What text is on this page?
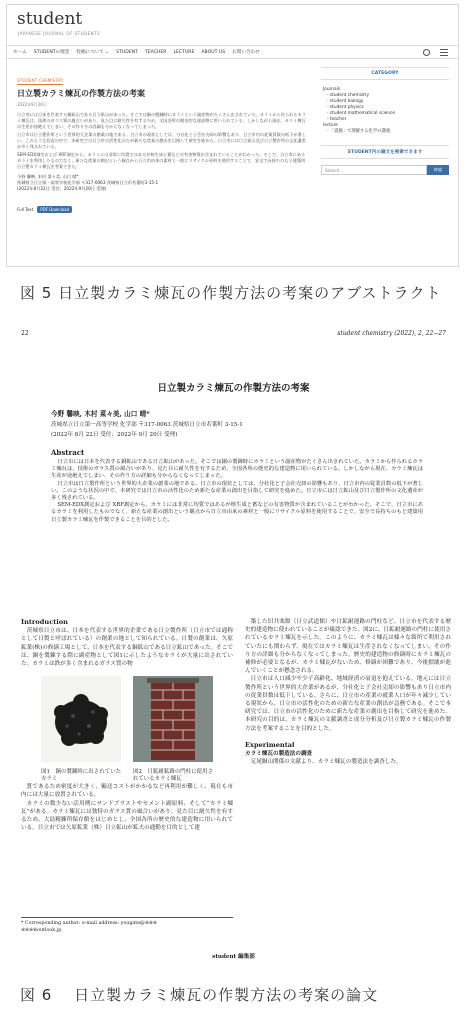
student
JAPANESE JOURNAL OF STUDENTS
ホーム STUDENTの理念 投稿について ⌄ STUDENT TEACHER LECTURE ABOUT US お問い合わせ
STUDENT CHEMISTRY
日立製カラミ煉瓦の作製方法の考案
2022年9月20日

日立市には日本を代表する銅鉱山である日立鉱山があった。そこでは銅の製錬時にカラミという副産物がたくさん出されていた。カラミから作られるカラミ煉瓦は、技術のガラス質の風合いがあり、見た目に耐久性を有するため、全国各所の歴史的な建造物に用いられている。しかしながら現在、カラミ煉瓦は生産が途絶えてしまい、その作り方の詳細も分からなくなってしまった。

日立市は日立製作所という世界的大企業の創業の地である。日立市の現状としては、分社化と子会社売却の影響もあり、日立市内の従業員数の低下が著しい。このような状況の中で、本研究では日立市の活性化のため新たな産業の創出を目指して研究を進めた。日立市には日立鉱山及び日立製作所の文化遺産が多く残されている。

SEM-EDX測定および XRF測定から、カラミには非常に均質ではあるが核生成と蓄などの有害物質が含まれていることがわかった。そこで、日立市にあるカラミを利用したものでなく、新たな産業の創出という観点から日立市由来の素材と一般にリサイクル原料を使用することで、安全で長持ちのもと建築用日立製カラミ煉瓦を考案できた。

今野 馨映, 木村 菜々美, 山口 晴*
茨城県立日立第一高等学校化学部 〒317-0063 茨城県日立市若葉町3-15-1
(2022年8月22日 受付；2022年9月20日 受理)
Full Text	PDF Download
CATEGORY
Journals
- student chemistry
- student biology
- student physics
- student mathematical science
- teacher
lecture
- 「震蝕」で理解する化学の講義
STUDENT内の論文を検索できます
Search...	検索
図 5 日立製カラミ煉瓦の作製方法の考案のアブストラクト
22	student chemistry (2022), 2, 22−27
日立製カラミ煉瓦の作製方法の考案
今野 馨映, 木村 菜々美, 山口 晴*
茨城県立日立第一高等学校 化学部 〒317-0063 茨城県日立市若葉町 3-15-1
(2022年 8月 22日 受付；2022年 9月 20日 受理)
Abstract

日立市には日本を代表する銅鉱山である日立鉱山があった。そこでは銅の製錬時にカラミという副産物がたくさん出されていた。カラミから作られるカラミ煉瓦は、技術のガラス質の風合いがあり、見た目に耐久性を有するため、全国各所の歴史的な建造物に用いられている。しかしながら現在、カラミ煉瓦は生産が途絶えてしまい、その作り方の詳細も分からなくなってしまった。

日立市は日立製作所という世界的大企業の創業の地である。日立市の現状としては、分社化と子会社売却の影響もあり、日立市内の従業員数の低下が著しい。このような状況の中で、本研究では日立市の活性化のため新たな産業の創出を目指して研究を進めた。日立市には日立鉱山及び日立製作所の文化遺産が多く残されている。

SEM-EDX測定および XRF測定から、カラミには非常に均質ではあるが核生成と蓄などの有害物質が含まれていることがわかった。そこで、日立市にあるカラミを利用したものでなく、新たな産業の創出という観点から日立市由来の素材と一般にリサイクル原料を使用することで、安全で長持ちのもと建築用日立製カラミ煉瓦を作製できることを目的とした。

Introduction

茨城県日立市は、日本を代表する世界的企業である日立製作所（日立市では通称として日製と呼ばれている）の創業の地として知られている。日製の創業は、久原鉱業(株)の修繕工場として、日本を代表する銅鉱山である日立鉱山であった。そこでは、銅を製錬する際に副産物として図1に示したようなカラミが大量に出されていた。カラミは鉄が多く含まれるガラス質の物

図1　銅の製錬時に出されていたカラミ
図2　日鉱耐鉱路の門柱に使用されているカラミ煉瓦

質であるため密度が大きく、輸送コストがかかるなど再利用が難しく、現在も市内には大量に放置されている。

カラミの数少ない活用例にサンドブラストやセメント副原料、そして“カラミ煉瓦”がある。カラミ煉瓦には独特のガラス質の風合いがあり、見た目に耐久性を有するため、大島精錬所保存館をはじめとし、全国各所の歴史的な建造物に用いられている。日立市では久原鉱業（株）日立鉱山が鉱夫の通勤を目的として建

築した旧共楽館（日立武道館）や日鉱耐運路の門柱など、日立市を代表する歴史的建造物に使われていることが確認できた。図2に、日鉱耐運路の門柱に使用されているカラミ煉瓦を示した。このように、カラミ煉瓦は様々な箇所で利用されていたにも関わらず、現在ではカラミ煉瓦は生産されなくなってしまい、その作り方の詳細も分からなくなってしまった。歴史的建造物の修繕時にカラミ煉瓦の補修が必要となるが、カラミ煉瓦がないため、修繕が困難であり、今後損壊が進んでいくことが懸念される。

日立市は人口減少や少子高齢化、地域経済の衰退を抱えている。地元には日立製作所という世界的大企業があるが、分社化と子会社売却の影響もあり日立市内の従業員数は低下している。さらに、日立市の産業の就業人口が年々減少している現状から、日立市の活性化のための新たな産業の創出が急務である。そこで本研究では、日立市の活性化のために新たな産業の創出を目指して研究を進めた。本研究の目的は、カラミ煉瓦の文献調査と成分分析及び日立製カラミ煉瓦の作製方法を考案することを目的とした。

Experimental
カラミ煉瓦の製造法の調査

足尾銅山関係の文献より、カラミ煉瓦の製造法を調査した。

* Corresponding author: e-mail address: yougate@※※※
※※※※outlook.jp
student 編集部
図 6　 日立製カラミ煉瓦の作製方法の考案の論文
